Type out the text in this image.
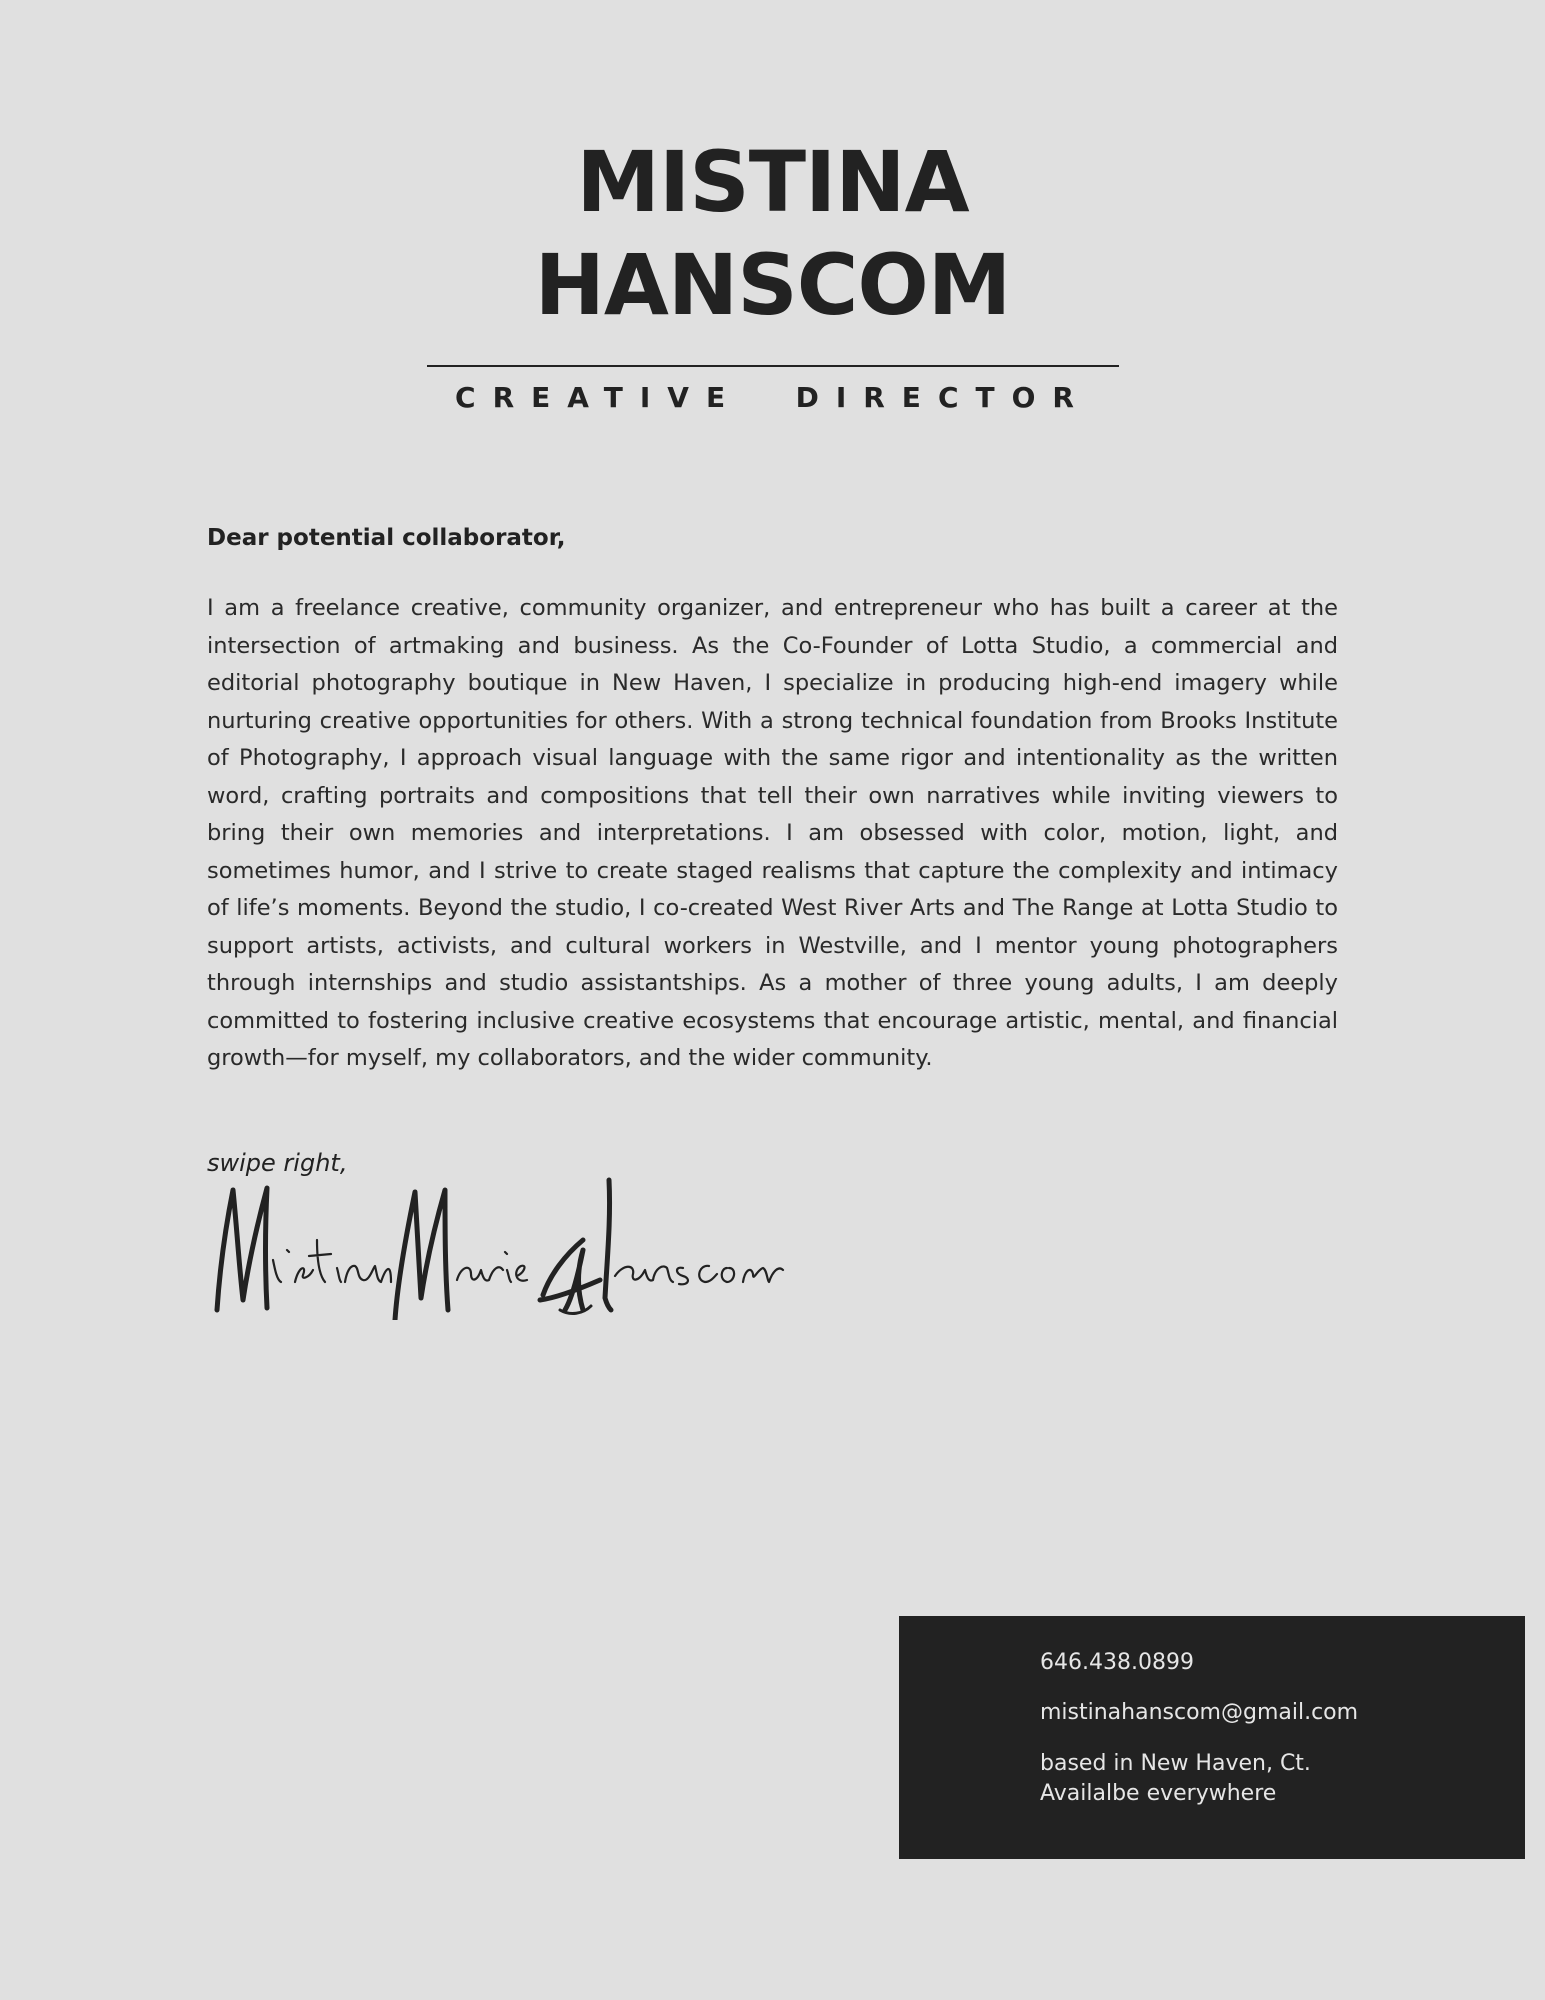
MISTINA
HANSCOM
CREATIVE  DIRECTOR
Dear potential collaborator,

I am a freelance creative, community organizer, and entrepreneur who has built a career at the intersection of artmaking and business. As the Co-Founder of Lotta Studio, a commercial and editorial photography boutique in New Haven, I specialize in producing high-end imagery while nurturing creative opportunities for others. With a strong technical foundation from Brooks Institute of Photography, I approach visual language with the same rigor and intentionality as the written word, crafting portraits and compositions that tell their own narratives while inviting viewers to bring their own memories and interpretations. I am obsessed with color, motion, light, and sometimes humor, and I strive to create staged realisms that capture the complexity and intimacy of life’s moments. Beyond the studio, I co-created West River Arts and The Range at Lotta Studio to support artists, activists, and cultural workers in Westville, and I mentor young photographers through internships and studio assistantships. As a mother of three young adults, I am deeply committed to fostering inclusive creative ecosystems that encourage artistic, mental, and financial growth—for myself, my collaborators, and the wider community.

swipe right,
646.438.0899
mistinahanscom@gmail.com
based in New Haven, Ct.
Availalbe everywhere
